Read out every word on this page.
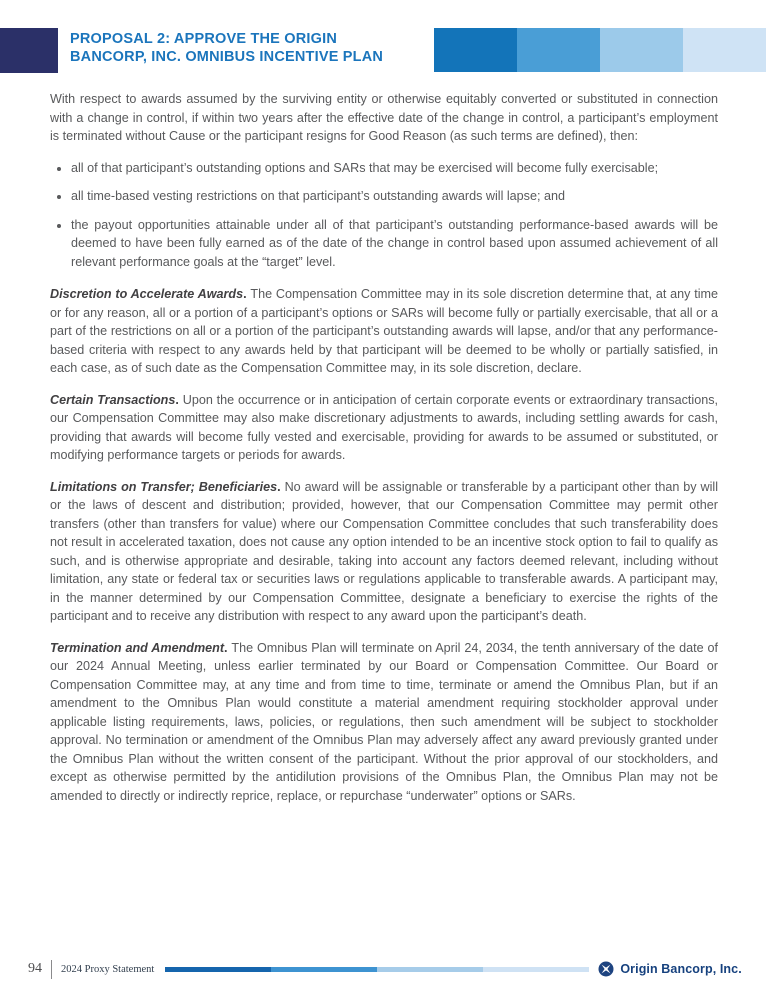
PROPOSAL 2: APPROVE THE ORIGIN
BANCORP, INC. OMNIBUS INCENTIVE PLAN

With respect to awards assumed by the surviving entity or otherwise equitably converted or substituted in connection with a change in control, if within two years after the effective date of the change in control, a participant’s employment is terminated without Cause or the participant resigns for Good Reason (as such terms are defined), then:

all of that participant’s outstanding options and SARs that may be exercised will become fully exercisable;
all time-based vesting restrictions on that participant’s outstanding awards will lapse; and
the payout opportunities attainable under all of that participant’s outstanding performance-based awards will be deemed to have been fully earned as of the date of the change in control based upon assumed achievement of all relevant performance goals at the “target” level.

Discretion to Accelerate Awards. The Compensation Committee may in its sole discretion determine that, at any time or for any reason, all or a portion of a participant’s options or SARs will become fully or partially exercisable, that all or a part of the restrictions on all or a portion of the participant’s outstanding awards will lapse, and/or that any performance-based criteria with respect to any awards held by that participant will be deemed to be wholly or partially satisfied, in each case, as of such date as the Compensation Committee may, in its sole discretion, declare.

Certain Transactions. Upon the occurrence or in anticipation of certain corporate events or extraordinary transactions, our Compensation Committee may also make discretionary adjustments to awards, including settling awards for cash, providing that awards will become fully vested and exercisable, providing for awards to be assumed or substituted, or modifying performance targets or periods for awards.

Limitations on Transfer; Beneficiaries. No award will be assignable or transferable by a participant other than by will or the laws of descent and distribution; provided, however, that our Compensation Committee may permit other transfers (other than transfers for value) where our Compensation Committee concludes that such transferability does not result in accelerated taxation, does not cause any option intended to be an incentive stock option to fail to qualify as such, and is otherwise appropriate and desirable, taking into account any factors deemed relevant, including without limitation, any state or federal tax or securities laws or regulations applicable to transferable awards. A participant may, in the manner determined by our Compensation Committee, designate a beneficiary to exercise the rights of the participant and to receive any distribution with respect to any award upon the participant’s death.

Termination and Amendment. The Omnibus Plan will terminate on April 24, 2034, the tenth anniversary of the date of our 2024 Annual Meeting, unless earlier terminated by our Board or Compensation Committee. Our Board or Compensation Committee may, at any time and from time to time, terminate or amend the Omnibus Plan, but if an amendment to the Omnibus Plan would constitute a material amendment requiring stockholder approval under applicable listing requirements, laws, policies, or regulations, then such amendment will be subject to stockholder approval. No termination or amendment of the Omnibus Plan may adversely affect any award previously granted under the Omnibus Plan without the written consent of the participant. Without the prior approval of our stockholders, and except as otherwise permitted by the antidilution provisions of the Omnibus Plan, the Omnibus Plan may not be amended to directly or indirectly reprice, replace, or repurchase “underwater” options or SARs.

94 2024 Proxy Statement	Origin Bancorp, Inc.
